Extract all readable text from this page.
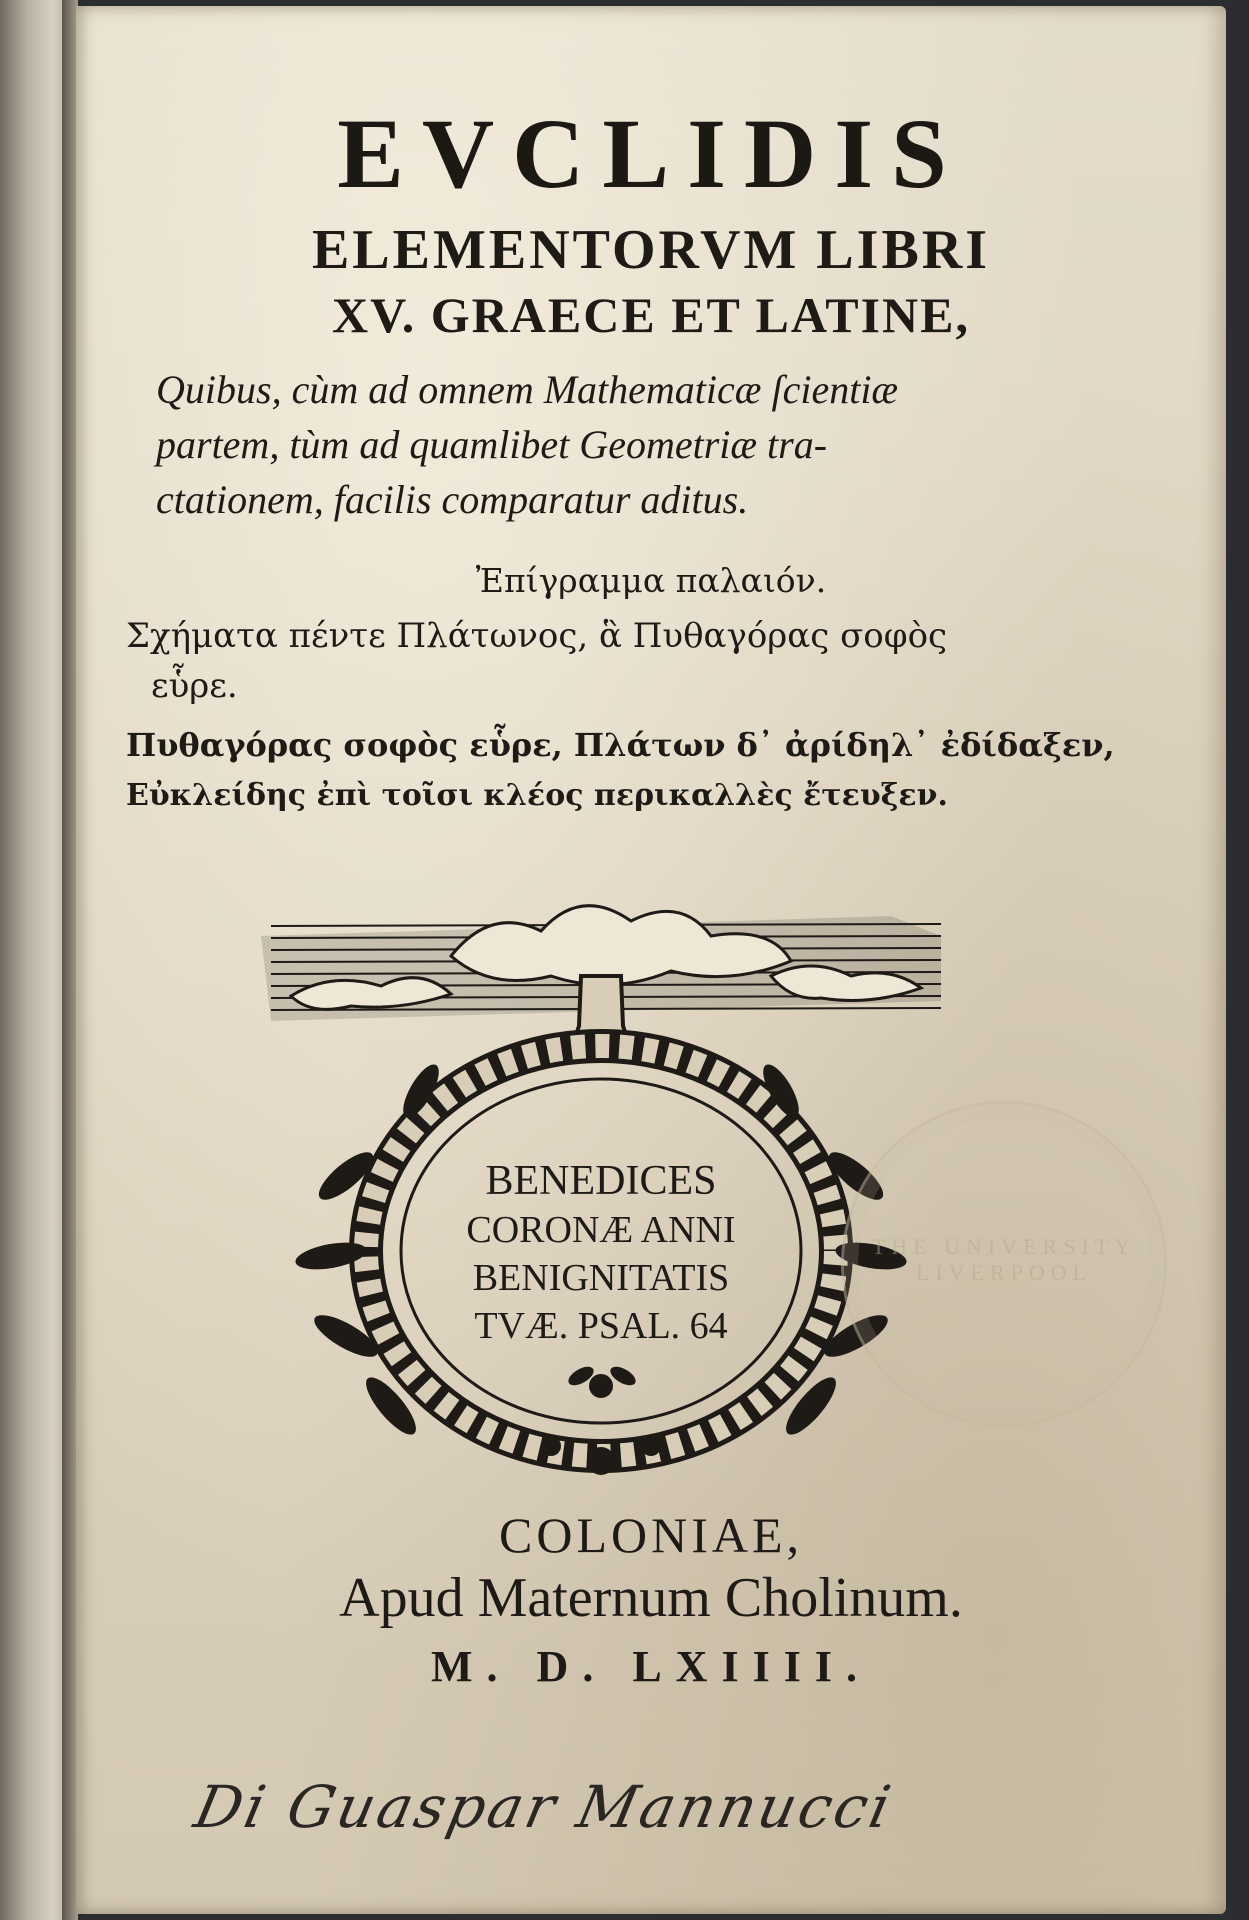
EVCLIDIS
ELEMENTORVM LIBRI
XV. GRAECE ET LATINE,
Quibus, cùm ad omnem Mathematicæ ſcientiæ
partem, tùm ad quamlibet Geometriæ tra-
ctationem, facilis comparatur aditus.
Ἐπίγραμμα παλαιόν.
Σχήματα πέντε Πλάτωνος, ἃ Πυθαγόρας σοφὸς
εὗρε.
Πυθαγόρας σοφὸς εὗρε, Πλάτων δ᾽ ἀρίδηλ᾽ ἐδίδαξεν,
Εὐκλείδης ἐπὶ τοῖσι κλέος περικαλλὲς ἔτευξεν.
BENEDICES
CORONÆ ANNI
BENIGNITATIS
TVÆ. PSAL. 64
THE UNIVERSITY LIVERPOOL
COLONIAE,
Apud Maternum Cholinum.
M. D. LXIIII.
Di Guaspar Mannucci
